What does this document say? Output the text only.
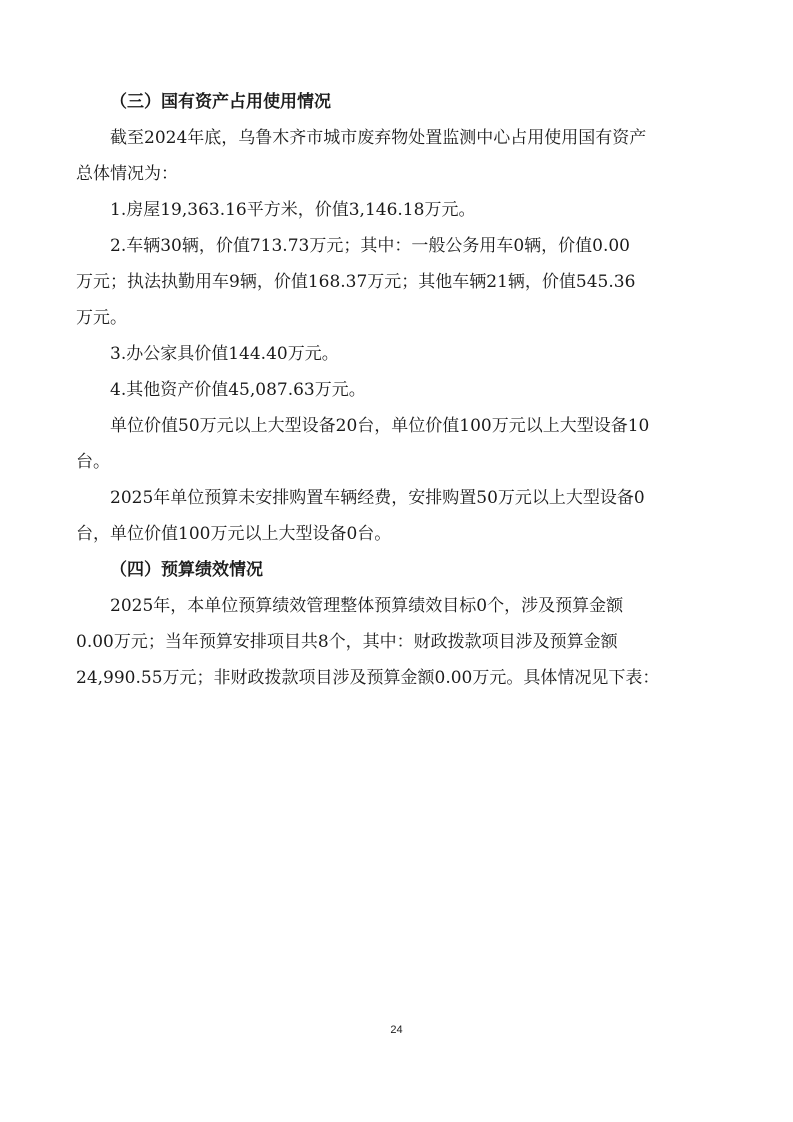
（三）国有资产占用使用情况
截至2024年底，乌鲁木齐市城市废弃物处置监测中心占用使用国有资产
总体情况为：
1.房屋19,363.16平方米，价值3,146.18万元。
2.车辆30辆，价值713.73万元；其中：一般公务用车0辆，价值0.00
万元；执法执勤用车9辆，价值168.37万元；其他车辆21辆，价值545.36
万元。
3.办公家具价值144.40万元。
4.其他资产价值45,087.63万元。
单位价值50万元以上大型设备20台，单位价值100万元以上大型设备10
台。
2025年单位预算未安排购置车辆经费，安排购置50万元以上大型设备0
台，单位价值100万元以上大型设备0台。
（四）预算绩效情况
2025年，本单位预算绩效管理整体预算绩效目标0个，涉及预算金额
0.00万元；当年预算安排项目共8个，其中：财政拨款项目涉及预算金额
24,990.55万元；非财政拨款项目涉及预算金额0.00万元。具体情况见下表：
24
